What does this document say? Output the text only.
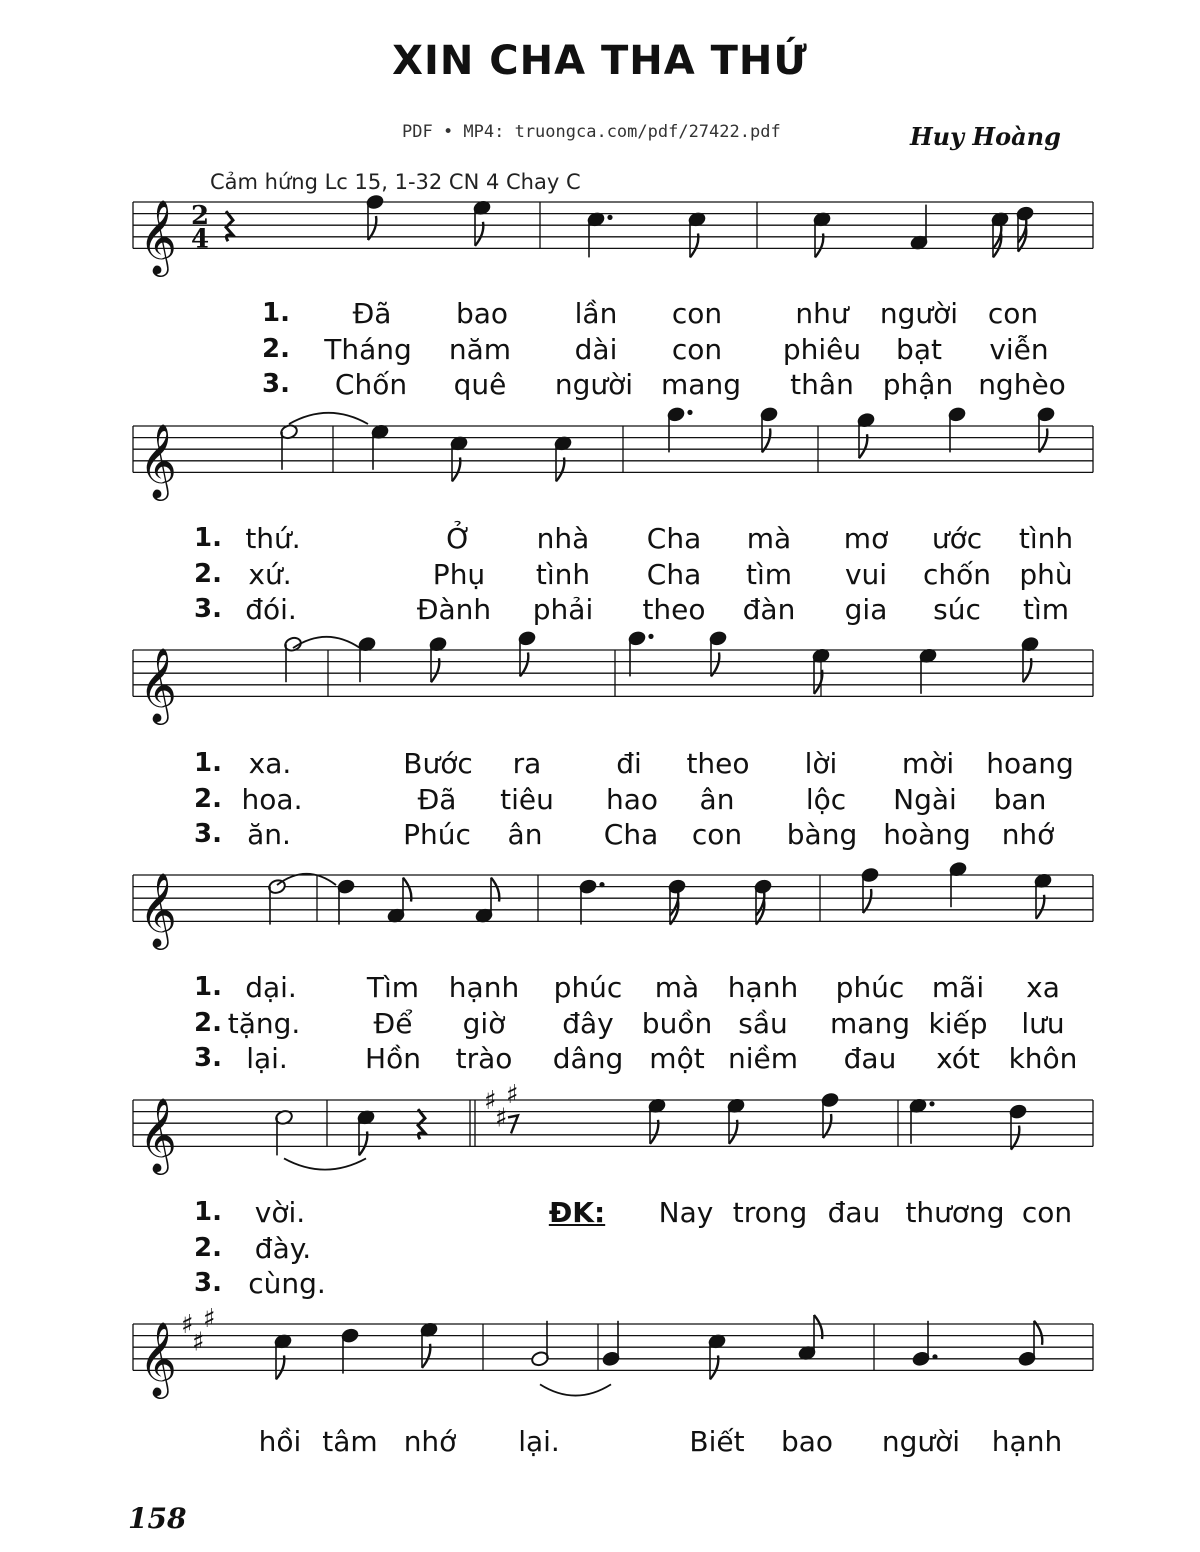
𝄞 2
4
𝄞
𝄞
𝄞
𝄞	♯
♯
♯
𝄞 ♯
♯
♯
XIN CHA THA THỨ
PDF • MP4: truongca.com/pdf/27422.pdf	Huy Hoàng
Cảm hứng Lc 15, 1-32 CN 4 Chay C
1.
2.
3.
Đã bao lần con	như người con
Tháng năm dài con phiêu bạt viễn
Chốn quê người mang thân phận nghèo
1.
2.
3.
thứ.	Ở nhà Cha mà mơ ước tình
xứ.	Phụ tình Cha tìm vui chốn phù
đói.	Đành phải theo đàn gia súc tìm
1.
2.
3.
xa.	Bước ra	đi theo lời mời hoang
hoa.	Đã tiêu hao ân	lộc Ngài ban
ăn.	Phúc ân Cha con bàng hoàng nhớ
1.
2.
3.
dại.	Tìm hạnh phúc mà hạnh phúc mãi xa
tặng.	Để giờ đây buồn sầu mang kiếp lưu
lại.	Hồn trào dâng một niềm đau xót khôn
1.
2.
3.
vời.	ĐK: Nay trong đau thương con
đày.
cùng.
hồi tâm nhớ lại.	Biết bao người hạnh
158
